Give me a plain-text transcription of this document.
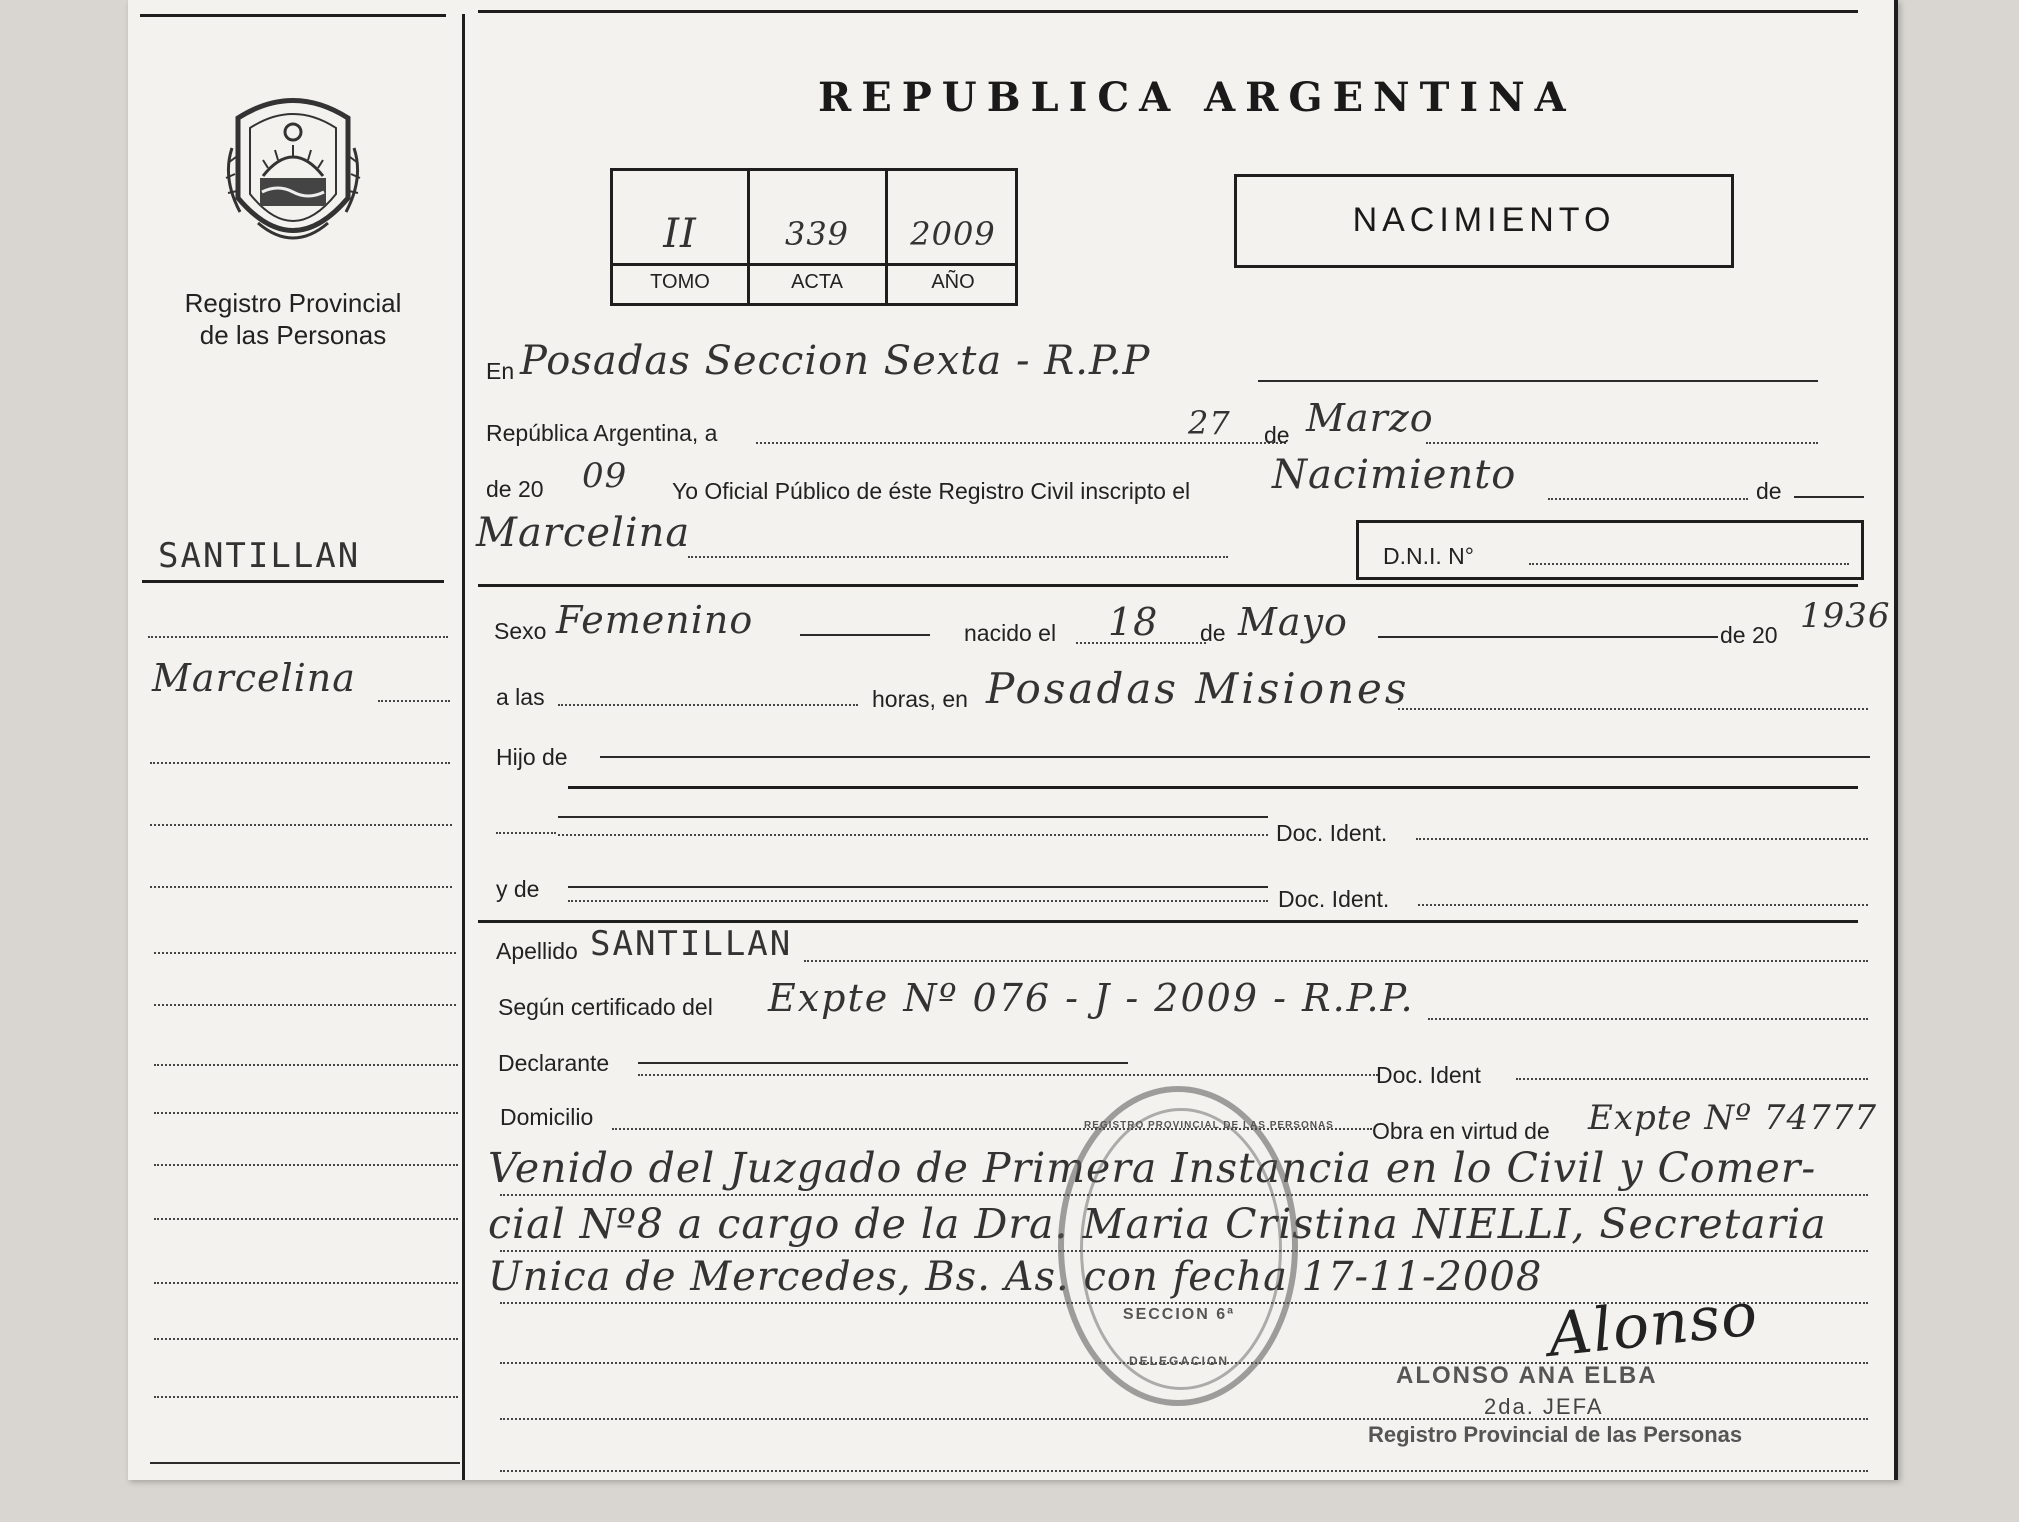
Registro Provincial
de las Personas
REPUBLICA ARGENTINA
II	339	2009
TOMO	ACTA	AÑO
NACIMIENTO
SANTILLAN
Marcelina
En Posadas Seccion Sexta - R.P.P
República Argentina, a	27 de Marzo
de 20 09 Yo Oficial Público de éste Registro Civil inscripto el Nacimiento	de
Marcelina	D.N.I. N°
Sexo Femenino	nacido el 18 de Mayo	de 20 1936
a las	horas, en Posadas Misiones
Hijo de
Doc. Ident.
y de	Doc. Ident.
Apellido SANTILLAN
Según certificado del Expte Nº 076 - J - 2009 - R.P.P.
Declarante	Doc. Ident
Domicilio
Obra en virtud de Expte Nº 74777
Venido del Juzgado de Primera Instancia en lo Civil y Comer-
cial Nº8 a cargo de la Dra. Maria Cristina NIELLI, Secretaria
Unica de Mercedes, Bs. As. con fecha 17-11-2008
REGISTRO PROVINCIAL DE LAS PERSONAS
DELEGACION
SECCION 6ª	Alonso
ALONSO ANA ELBA
2da. JEFA
Registro Provincial de las Personas
